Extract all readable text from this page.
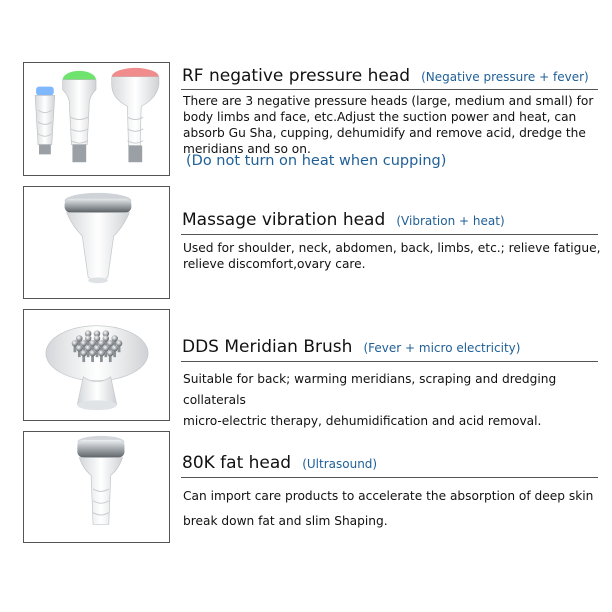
RF negative pressure head (Negative pressure + fever)
There are 3 negative pressure heads (large, medium and small) for body limbs and face, etc.Adjust the suction power and heat, can absorb Gu Sha, cupping, dehumidify and remove acid, dredge the meridians and so on.
(Do not turn on heat when cupping)
Massage vibration head (Vibration + heat)
Used for shoulder, neck, abdomen, back, limbs, etc.; relieve fatigue, relieve discomfort,ovary care.
DDS Meridian Brush (Fever + micro electricity)
Suitable for back; warming meridians, scraping and dredging collaterals
micro-electric therapy, dehumidification and acid removal.
80K fat head (Ultrasound)
Can import care products to accelerate the absorption of deep skin
break down fat and slim Shaping.
